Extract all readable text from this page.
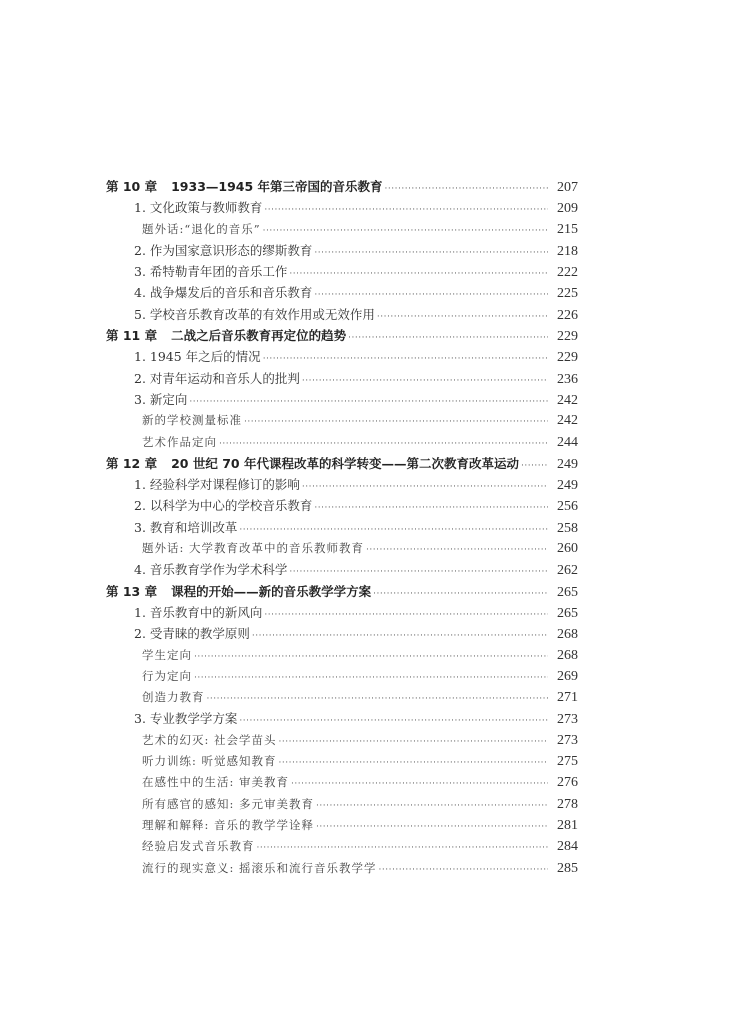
第 10 章 1933—1945 年第三帝国的音乐教育 ·····	207
1. 文化政策与教师教育 ·····	209
题外话:“退化的音乐” ·····	215
2. 作为国家意识形态的缪斯教育 ·····	218
3. 希特勒青年团的音乐工作 ·····	222
4. 战争爆发后的音乐和音乐教育 ·····	225
5. 学校音乐教育改革的有效作用或无效作用 ·····	226
第 11 章 二战之后音乐教育再定位的趋势 ·····	229
1. 1945 年之后的情况 ·····	229
2. 对青年运动和音乐人的批判 ·····	236
3. 新定向 ·····	242
新的学校测量标准 ·····	242
艺术作品定向 ·····	244
第 12 章 20 世纪 70 年代课程改革的科学转变——第二次教育改革运动 ·····	249
1. 经验科学对课程修订的影响 ·····	249
2. 以科学为中心的学校音乐教育 ·····	256
3. 教育和培训改革 ·····	258
题外话: 大学教育改革中的音乐教师教育 ·····	260
4. 音乐教育学作为学术科学 ·····	262
第 13 章 课程的开始——新的音乐教学学方案 ·····	265
1. 音乐教育中的新风向 ·····	265
2. 受青睐的教学原则 ·····	268
学生定向 ·····	268
行为定向 ·····	269
创造力教育 ·····	271
3. 专业教学学方案 ·····	273
艺术的幻灭: 社会学苗头 ·····	273
听力训练: 听觉感知教育 ·····	275
在感性中的生活: 审美教育 ·····	276
所有感官的感知: 多元审美教育 ·····	278
理解和解释: 音乐的教学学诠释 ·····	281
经验启发式音乐教育 ·····	284
流行的现实意义: 摇滚乐和流行音乐教学学 ·····	285
